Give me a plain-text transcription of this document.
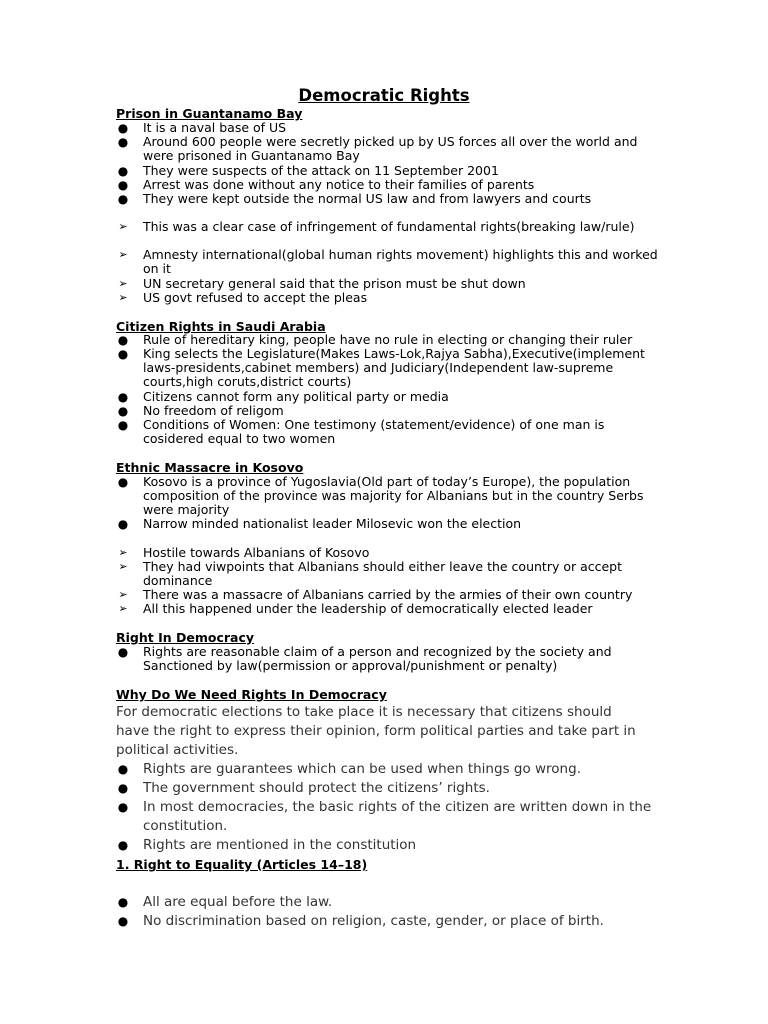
Democratic Rights
Prison in Guantanamo Bay
● It is a naval base of US
● Around 600 people were secretly picked up by US forces all over the world and were prisoned in Guantanamo Bay
● They were suspects of the attack on 11 September 2001
● Arrest was done without any notice to their families of parents
● They were kept outside the normal US law and from lawyers and courts
➢ This was a clear case of infringement of fundamental rights(breaking law/rule)
➢ Amnesty international(global human rights movement) highlights this and worked on it
➢ UN secretary general said that the prison must be shut down
➢ US govt refused to accept the pleas
Citizen Rights in Saudi Arabia
● Rule of hereditary king, people have no rule in electing or changing their ruler
● King selects the Legislature(Makes Laws-Lok,Rajya Sabha),Executive(implement laws-presidents,cabinet members) and Judiciary(Independent law-supreme courts,high coruts,district courts)
● Citizens cannot form any political party or media
● No freedom of religom
● Conditions of Women: One testimony (statement/evidence) of one man is cosidered equal to two women
Ethnic Massacre in Kosovo
● Kosovo is a province of Yugoslavia(Old part of today’s Europe), the population composition of the province was majority for Albanians but in the country Serbs were majority
● Narrow minded nationalist leader Milosevic won the election
➢ Hostile towards Albanians of Kosovo
➢ They had viwpoints that Albanians should either leave the country or accept dominance
➢ There was a massacre of Albanians carried by the armies of their own country
➢ All this happened under the leadership of democratically elected leader
Right In Democracy
● Rights are reasonable claim of a person and recognized by the society and Sanctioned by law(permission or approval/punishment or penalty)
Why Do We Need Rights In Democracy
For democratic elections to take place it is necessary that citizens should have the right to express their opinion, form political parties and take part in political activities.
● Rights are guarantees which can be used when things go wrong.
● The government should protect the citizens’ rights.
● In most democracies, the basic rights of the citizen are written down in the constitution.
● Rights are mentioned in the constitution
1. Right to Equality (Articles 14–18)
● All are equal before the law.
● No discrimination based on religion, caste, gender, or place of birth.
